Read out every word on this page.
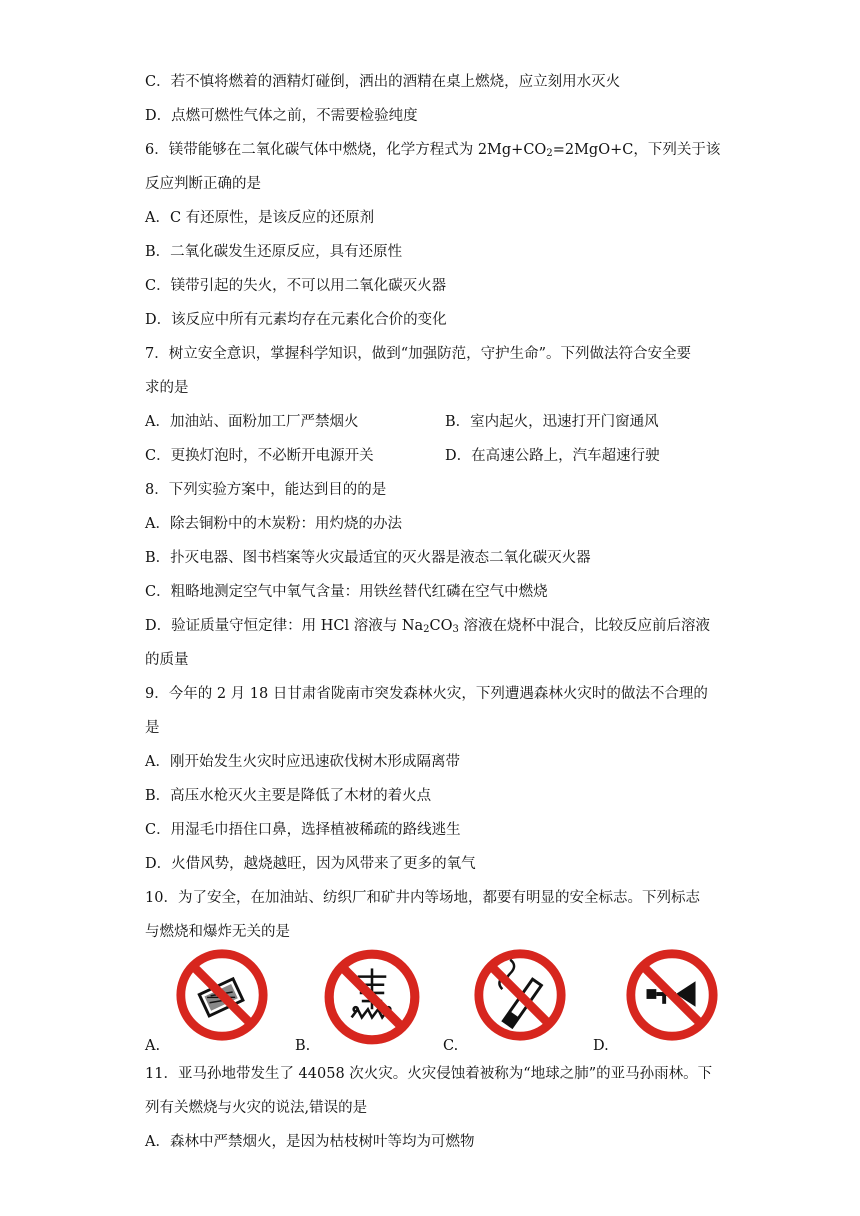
C．若不慎将燃着的酒精灯碰倒，洒出的酒精在桌上燃烧，应立刻用水灭火
D．点燃可燃性气体之前，不需要检验纯度
6．镁带能够在二氧化碳气体中燃烧，化学方程式为 $2Mg+CO_2=2MgO+C$，下列关于该
反应判断正确的是
A．C 有还原性，是该反应的还原剂
B．二氧化碳发生还原反应，具有还原性
C．镁带引起的失火，不可以用二氧化碳灭火器
D．该反应中所有元素均存在元素化合价的变化
7．树立安全意识，掌握科学知识，做到“加强防范，守护生命”。下列做法符合安全要
求的是
A．加油站、面粉加工厂严禁烟火	B．室内起火，迅速打开门窗通风
C．更换灯泡时，不必断开电源开关	D．在高速公路上，汽车超速行驶
8．下列实验方案中，能达到目的的是
A．除去铜粉中的木炭粉：用灼烧的办法
B．扑灭电器、图书档案等火灾最适宜的灭火器是液态二氧化碳灭火器
C．粗略地测定空气中氧气含量：用铁丝替代红磷在空气中燃烧
D．验证质量守恒定律：用 HCl 溶液与 $Na_2CO_3$ 溶液在烧杯中混合，比较反应前后溶液
的质量
9．今年的 2 月 18 日甘肃省陇南市突发森林火灾，下列遭遇森林火灾时的做法不合理的
是
A．刚开始发生火灾时应迅速砍伐树木形成隔离带
B．高压水枪灭火主要是降低了木材的着火点
C．用湿毛巾捂住口鼻，选择植被稀疏的路线逃生
D．火借风势，越烧越旺，因为风带来了更多的氧气
10．为了安全，在加油站、纺织厂和矿井内等场地，都要有明显的安全标志。下列标志
与燃烧和爆炸无关的是
A.	B.	C.	D.
11．亚马孙地带发生了 44058 次火灾。火灾侵蚀着被称为“地球之肺”的亚马孙雨林。下
列有关燃烧与火灾的说法,错误的是
A．森林中严禁烟火，是因为枯枝树叶等均为可燃物
